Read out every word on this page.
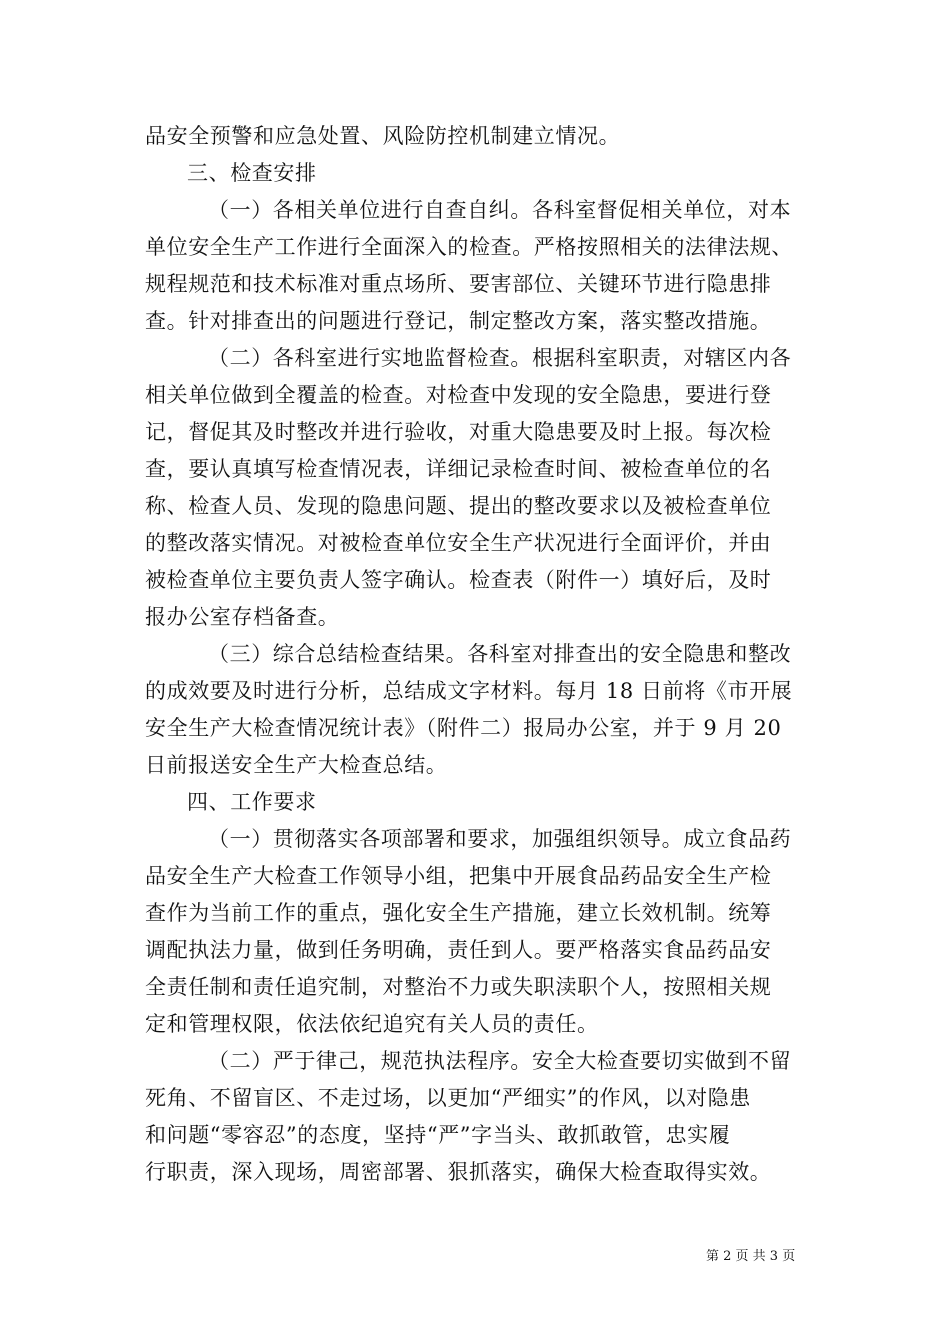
品安全预警和应急处置、风险防控机制建立情况。
三、检查安排
（一）各相关单位进行自查自纠。各科室督促相关单位，对本
单位安全生产工作进行全面深入的检查。严格按照相关的法律法规、
规程规范和技术标准对重点场所、要害部位、关键环节进行隐患排
查。针对排查出的问题进行登记，制定整改方案，落实整改措施。
（二）各科室进行实地监督检查。根据科室职责，对辖区内各
相关单位做到全覆盖的检查。对检查中发现的安全隐患，要进行登
记，督促其及时整改并进行验收，对重大隐患要及时上报。每次检
查，要认真填写检查情况表，详细记录检查时间、被检查单位的名
称、检查人员、发现的隐患问题、提出的整改要求以及被检查单位
的整改落实情况。对被检查单位安全生产状况进行全面评价，并由
被检查单位主要负责人签字确认。检查表（附件一）填好后，及时
报办公室存档备查。
（三）综合总结检查结果。各科室对排查出的安全隐患和整改
的成效要及时进行分析，总结成文字材料。每月 18 日前将《市开展
安全生产大检查情况统计表》（附件二）报局办公室，并于 9 月 20
日前报送安全生产大检查总结。
四、工作要求
（一）贯彻落实各项部署和要求，加强组织领导。成立食品药
品安全生产大检查工作领导小组，把集中开展食品药品安全生产检
查作为当前工作的重点，强化安全生产措施，建立长效机制。统筹
调配执法力量，做到任务明确，责任到人。要严格落实食品药品安
全责任制和责任追究制，对整治不力或失职渎职个人，按照相关规
定和管理权限，依法依纪追究有关人员的责任。
（二）严于律己，规范执法程序。安全大检查要切实做到不留
死角、不留盲区、不走过场，以更加“严细实”的作风，以对隐患
和问题“零容忍”的态度，坚持“严”字当头、敢抓敢管，忠实履
行职责，深入现场，周密部署、狠抓落实，确保大检查取得实效。
第 2 页 共 3 页
